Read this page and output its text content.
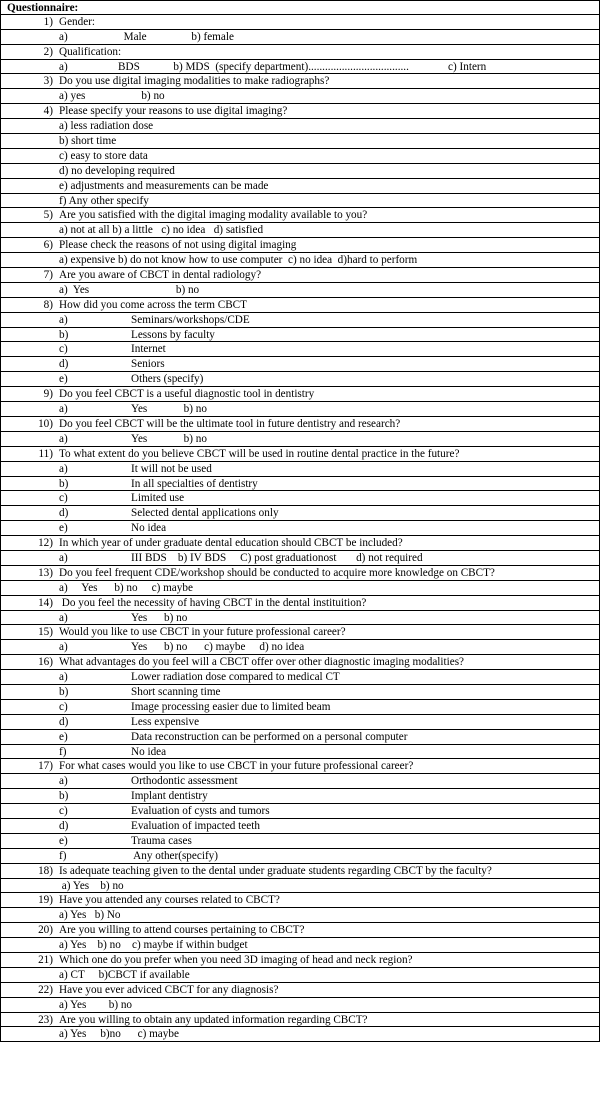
Questionnaire:

1) Gender:
a)                    Male                b) female
2) Qualification:
a)                  BDS            b) MDS  (specify department)....................................              c) Intern
3) Do you use digital imaging modalities to make radiographs?
a) yes                    b) no
4) Please specify your reasons to use digital imaging?
a) less radiation dose
b) short time
c) easy to store data
d) no developing required
e) adjustments and measurements can be made
f) Any other specify
5) Are you satisfied with the digital imaging modality available to you?
a) not at all b) a little   c) no idea   d) satisfied
6) Please check the reasons of not using digital imaging
a) expensive b) do not know how to use computer  c) no idea  d)hard to perform
7) Are you aware of CBCT in dental radiology?
a)  Yes                               b) no
8) How did you come across the term CBCT
a)	Seminars/workshops/CDE
b)	Lessons by faculty
c)	Internet
d)	Seniors
e)	Others (specify)
9) Do you feel CBCT is a useful diagnostic tool in dentistry
a)	Yes             b) no
10) Do you feel CBCT will be the ultimate tool in future dentistry and research?
a)	Yes             b) no
11) To what extent do you believe CBCT will be used in routine dental practice in the future?
a)	It will not be used
b)	In all specialties of dentistry
c)	Limited use
d)	Selected dental applications only
e)	No idea
12) In which year of under graduate dental education should CBCT be included?
a)	III BDS    b) IV BDS     C) post graduationost       d) not required
13) Do you feel frequent CDE/workshop should be conducted to acquire more knowledge on CBCT?
a)     Yes      b) no     c) maybe
14) Do you feel the necessity of having CBCT in the dental instituition?
a)	Yes      b) no
15) Would you like to use CBCT in your future professional career?
a)	Yes      b) no      c) maybe     d) no idea
16) What advantages do you feel will a CBCT offer over other diagnostic imaging modalities?
a)	Lower radiation dose compared to medical CT
b)	Short scanning time
c)	Image processing easier due to limited beam
d)	Less expensive
e)	Data reconstruction can be performed on a personal computer
f)	No idea
17) For what cases would you like to use CBCT in your future professional career?
a)	Orthodontic assessment
b)	Implant dentistry
c)	Evaluation of cysts and tumors
d)	Evaluation of impacted teeth
e)	Trauma cases
f)	Any other(specify)
18) Is adequate teaching given to the dental under graduate students regarding CBCT by the faculty?
a) Yes    b) no
19) Have you attended any courses related to CBCT?
a) Yes   b) No
20) Are you willing to attend courses pertaining to CBCT?
a) Yes    b) no    c) maybe if within budget
21) Which one do you prefer when you need 3D imaging of head and neck region?
a) CT     b)CBCT if available
22) Have you ever adviced CBCT for any diagnosis?
a) Yes        b) no
23) Are you willing to obtain any updated information regarding CBCT?
a) Yes     b)no      c) maybe
